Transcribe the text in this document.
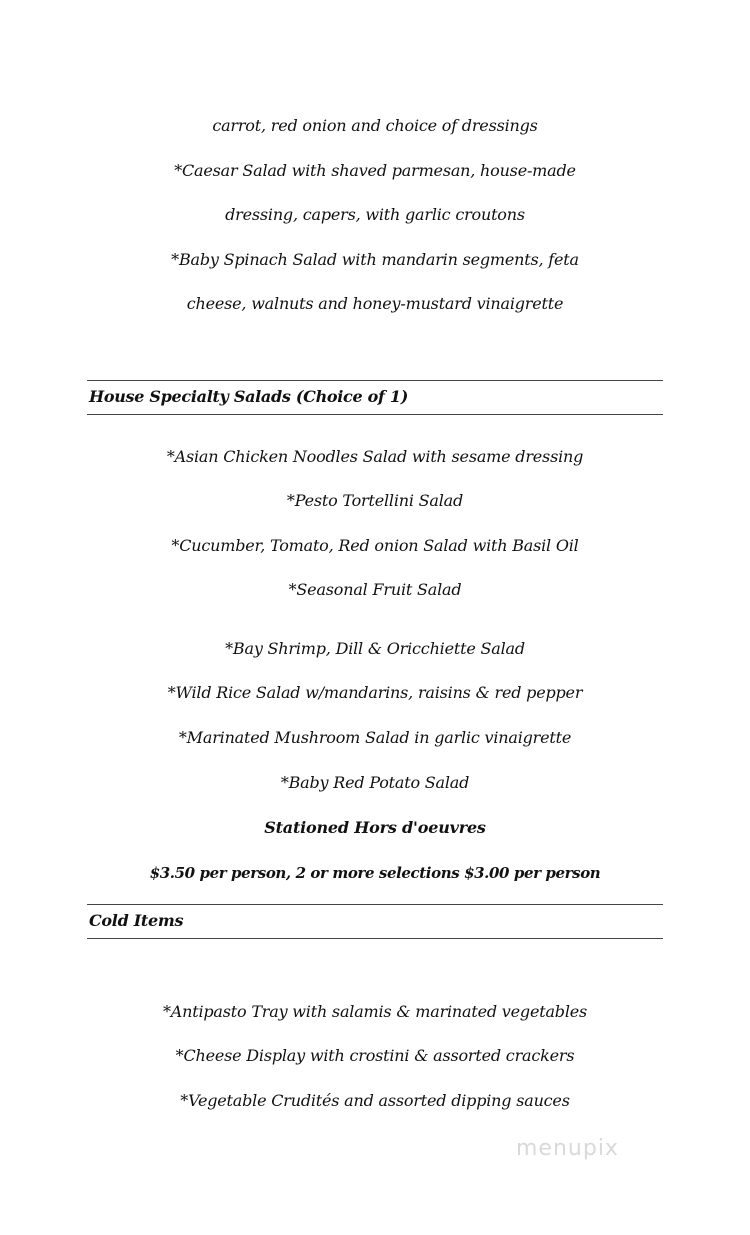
carrot, red onion and choice of dressings
*Caesar Salad with shaved parmesan, house-made
dressing, capers, with garlic croutons
*Baby Spinach Salad with mandarin segments, feta
cheese, walnuts and honey-mustard vinaigrette
House Specialty Salads (Choice of 1)
*Asian Chicken Noodles Salad with sesame dressing
*Pesto Tortellini Salad
*Cucumber, Tomato, Red onion Salad with Basil Oil
*Seasonal Fruit Salad
*Bay Shrimp, Dill & Oricchiette Salad
*Wild Rice Salad w/mandarins, raisins & red pepper
*Marinated Mushroom Salad in garlic vinaigrette
*Baby Red Potato Salad
Stationed Hors d'oeuvres
$3.50 per person, 2 or more selections $3.00 per person
Cold Items
*Antipasto Tray with salamis & marinated vegetables
*Cheese Display with crostini & assorted crackers
*Vegetable Crudités and assorted dipping sauces
menupix
